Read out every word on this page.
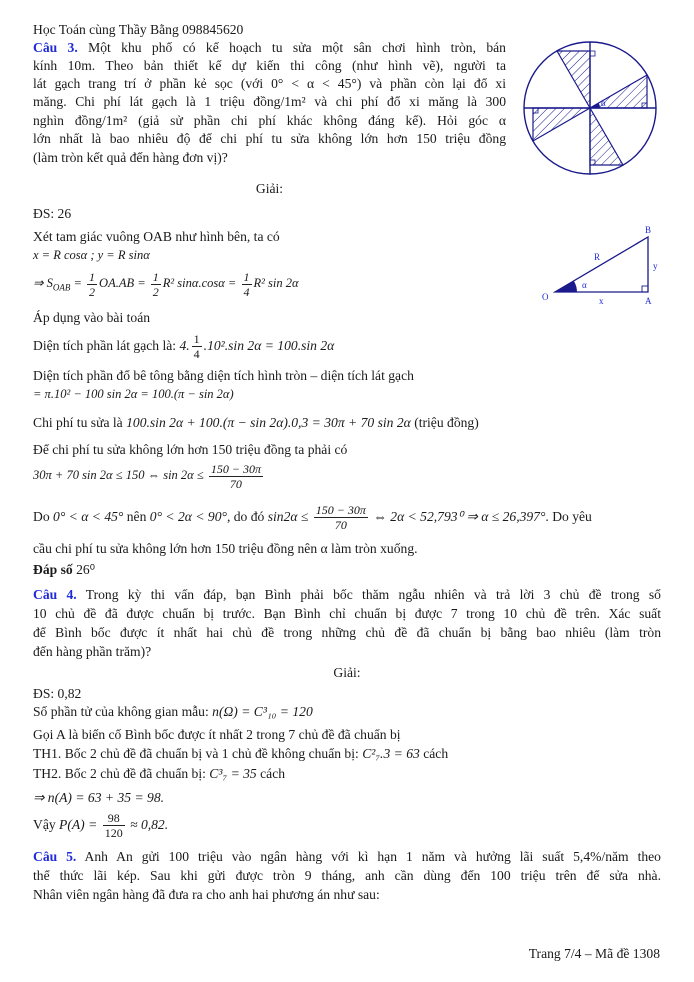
Học Toán cùng Thầy Bằng 098845620
Câu 3. Một khu phố có kế hoạch tu sửa một sân chơi hình tròn, bán
kính 10m. Theo bản thiết kế dự kiến thi công (như hình vẽ), người ta
lát gạch trang trí ở phần kẻ sọc (với 0° < α < 45°) và phần còn lại đổ xi
măng. Chi phí lát gạch là 1 triệu đồng/1m² và chi phí đổ xi măng là 300
nghìn đồng/1m² (giả sử phần chi phí khác không đáng kể). Hỏi góc α
lớn nhất là bao nhiêu độ để chi phí tu sửa không lớn hơn 150 triệu đồng
(làm tròn kết quả đến hàng đơn vị)?
α
Giải:
ĐS: 26
Xét tam giác vuông OAB như hình bên, ta có
x = R cosα ; y = R sinα
⇒ $S_{OAB} = \frac{1}{2} OA.AB = \frac{1}{2} R^2$ $\sin\alpha.\cos\alpha = \frac{1}{4} R^2$ sin 2α
O	A
B
R
y
x
α
Áp dụng vào bài toán
Diện tích phần lát gạch là: 4. $\frac{1}{4} .10^2.\sin$ 2α = 100.sin 2α
Diện tích phần đổ bê tông bằng diện tích hình tròn – diện tích lát gạch
= π.10² − 100 sin 2α = 100.(π − sin 2α)
Chi phí tu sửa là 100.sin 2α + 100.(π − sin 2α).0,3 = 30π + 70 sin 2α (triệu đồng)
Để chi phí tu sửa không lớn hơn 150 triệu đồng ta phải có
30π + 70 sin 2α ≤ 150 ⇔ $\sin 2\alpha \le \frac{150 - 30\pi}{70}$
Do 0° < α < 45° nên 0° < 2α < 90°, do đó $\sin 2\alpha \le \frac{150 - 30\pi}{70}$ ⇔ 2α < 52,793⁰ ⇒ α ≤ 26,397°. Do yêu
cầu chi phí tu sửa không lớn hơn 150 triệu đồng nên α làm tròn xuống.
Đáp số 26⁰
Câu 4. Trong kỳ thi vấn đáp, bạn Bình phải bốc thăm ngẫu nhiên và trả lời 3 chủ đề trong số
10 chủ đề đã được chuẩn bị trước. Bạn Bình chỉ chuẩn bị được 7 trong 10 chủ đề trên. Xác suất
để Bình bốc được ít nhất hai chủ đề trong những chủ đề đã chuẩn bị bằng bao nhiêu (làm tròn
đến hàng phần trăm)?
Giải:
ĐS: 0,82
Số phần tử của không gian mẫu: n(Ω) = C³₁₀ = 120
Gọi A là biến cố Bình bốc được ít nhất 2 trong 7 chủ đề đã chuẩn bị
TH1. Bốc 2 chủ đề đã chuẩn bị và 1 chủ đề không chuẩn bị: C²₇.3 = 63 cách
TH2. Bốc 2 chủ đề đã chuẩn bị: C³₇ = 35 cách
⇒ n(A) = 63 + 35 = 98.
Vậy $P(A) = \frac{98}{120} \approx 0,82$.
Câu 5. Anh An gửi 100 triệu vào ngân hàng với kì hạn 1 năm và hưởng lãi suất 5,4%/năm theo
thể thức lãi kép. Sau khi gửi được tròn 9 tháng, anh cần dùng đến 100 triệu trên để sửa nhà.
Nhân viên ngân hàng đã đưa ra cho anh hai phương án như sau:
Trang 7/4 – Mã đề 1308
